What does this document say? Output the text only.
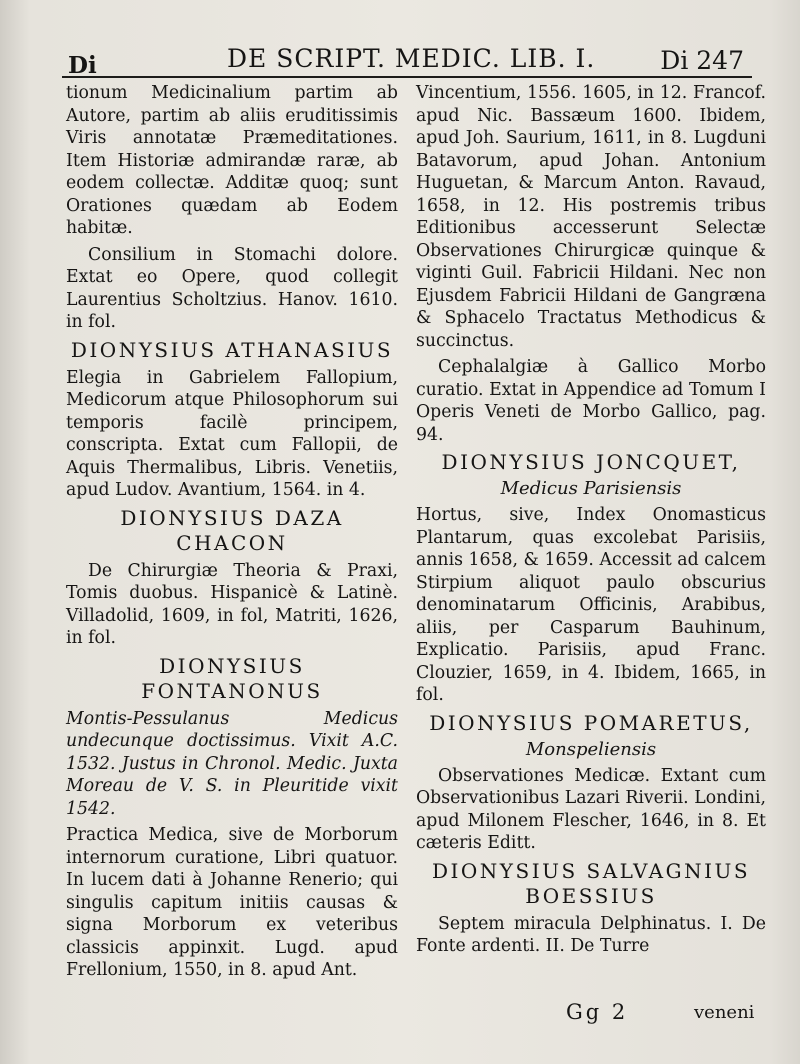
Di	DE SCRIPT. MEDIC. LIB. I.	Di 247

tionum Medicinalium partim ab Autore, partim ab aliis eruditissimis Viris annotatæ Præmeditationes. Item Historiæ admirandæ raræ, ab eodem collectæ. Additæ quoq; sunt Orationes quædam ab Eodem habitæ.

Consilium in Stomachi dolore. Extat eo Opere, quod collegit Laurentius Scholtzius. Hanov. 1610. in fol.

DIONYSIUS ATHANASIUS

Elegia in Gabrielem Fallopium, Medicorum atque Philosophorum sui temporis facilè principem, conscripta. Extat cum Fallopii, de Aquis Thermalibus, Libris. Venetiis, apud Ludov. Avantium, 1564. in 4.

DIONYSIUS DAZA CHACON

De Chirurgiæ Theoria & Praxi, Tomis duobus. Hispanicè & Latinè. Villadolid, 1609, in fol, Matriti, 1626, in fol.

DIONYSIUS FONTANONUS

Montis-Pessulanus Medicus undecunque doctissimus. Vixit A.C. 1532. Justus in Chronol. Medic. Juxta Moreau de V. S. in Pleuritide vixit 1542.

Practica Medica, sive de Morborum internorum curatione, Libri quatuor. In lucem dati à Johanne Renerio; qui singulis capitum initiis causas & signa Morborum ex veteribus classicis appinxit. Lugd. apud Frellonium, 1550, in 8. apud Ant.

Vincentium, 1556. 1605, in 12. Francof. apud Nic. Bassæum 1600. Ibidem, apud Joh. Saurium, 1611, in 8. Lugduni Batavorum, apud Johan. Antonium Huguetan, & Marcum Anton. Ravaud, 1658, in 12. His postremis tribus Editionibus accesserunt Selectæ Observationes Chirurgicæ quinque & viginti Guil. Fabricii Hildani. Nec non Ejusdem Fabricii Hildani de Gangræna & Sphacelo Tractatus Methodicus & succinctus.

Cephalalgiæ à Gallico Morbo curatio. Extat in Appendice ad Tomum I Operis Veneti de Morbo Gallico, pag. 94.

DIONYSIUS JONCQUET,
Medicus Parisiensis

Hortus, sive, Index Onomasticus Plantarum, quas excolebat Parisiis, annis 1658, & 1659. Accessit ad calcem Stirpium aliquot paulo obscurius denominatarum Officinis, Arabibus, aliis, per Casparum Bauhinum, Explicatio. Parisiis, apud Franc. Clouzier, 1659, in 4. Ibidem, 1665, in fol.

DIONYSIUS POMARETUS,
Monspeliensis

Observationes Medicæ. Extant cum Observationibus Lazari Riverii. Londini, apud Milonem Flescher, 1646, in 8. Et cæteris Editt.

DIONYSIUS SALVAGNIUS BOESSIUS

Septem miracula Delphinatus. I. De Fonte ardenti. II. De Turre

Gg 2	veneni
